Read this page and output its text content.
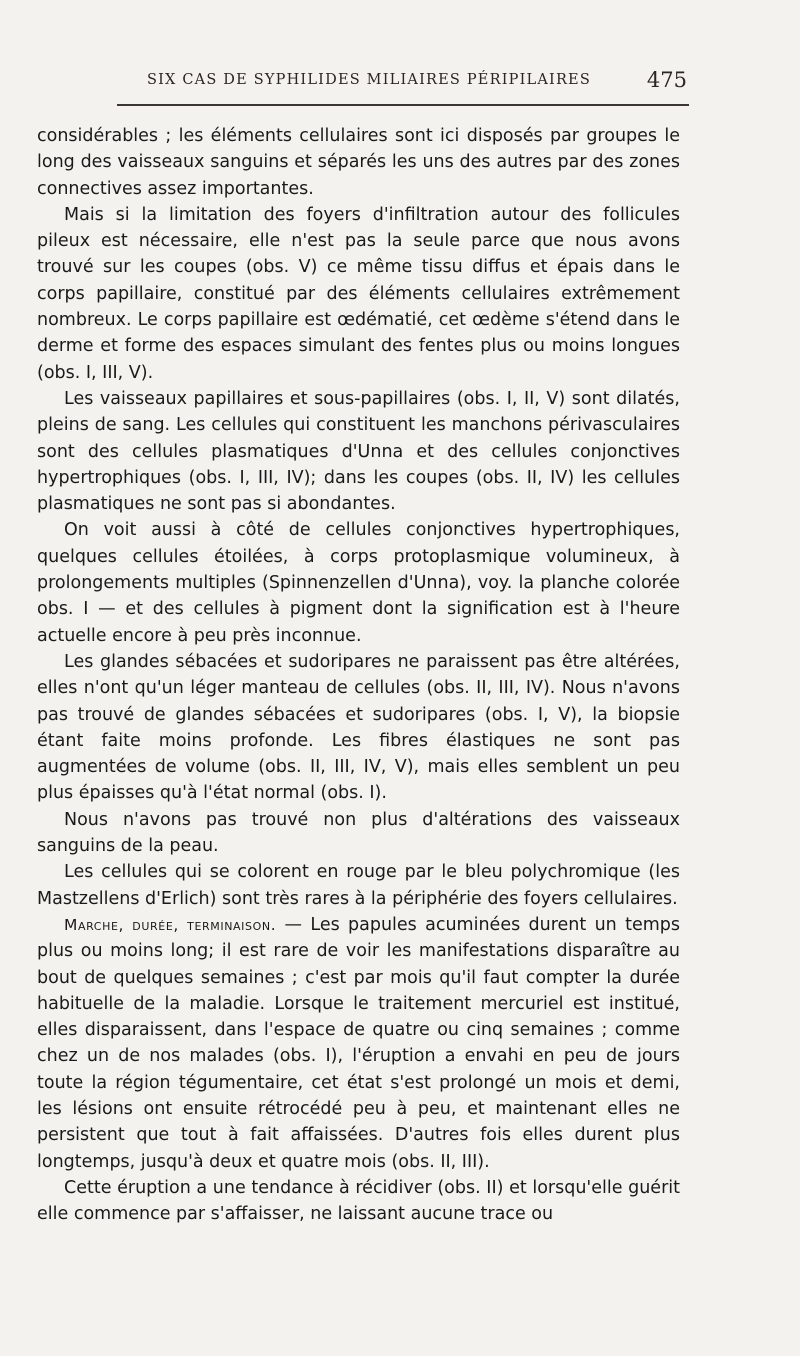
SIX CAS DE SYPHILIDES MILIAIRES PÉRIPILAIRES	475

considérables ; les éléments cellulaires sont ici disposés par groupes le long des vaisseaux sanguins et séparés les uns des autres par des zones connectives assez importantes.

Mais si la limitation des foyers d'infiltration autour des follicules pileux est nécessaire, elle n'est pas la seule parce que nous avons trouvé sur les coupes (obs. V) ce même tissu diffus et épais dans le corps papillaire, constitué par des éléments cellulaires extrêmement nombreux. Le corps papillaire est œdématié, cet œdème s'étend dans le derme et forme des espaces simulant des fentes plus ou moins longues (obs. I, III, V).

Les vaisseaux papillaires et sous-papillaires (obs. I, II, V) sont dilatés, pleins de sang. Les cellules qui constituent les manchons périvasculaires sont des cellules plasmatiques d'Unna et des cellules conjonctives hypertrophiques (obs. I, III, IV); dans les coupes (obs. II, IV) les cellules plasmatiques ne sont pas si abondantes.

On voit aussi à côté de cellules conjonctives hypertrophiques, quelques cellules étoilées, à corps protoplasmique volumineux, à prolongements multiples (Spinnenzellen d'Unna), voy. la planche colorée obs. I — et des cellules à pigment dont la signification est à l'heure actuelle encore à peu près inconnue.

Les glandes sébacées et sudoripares ne paraissent pas être altérées, elles n'ont qu'un léger manteau de cellules (obs. II, III, IV). Nous n'avons pas trouvé de glandes sébacées et sudoripares (obs. I, V), la biopsie étant faite moins profonde. Les fibres élastiques ne sont pas augmentées de volume (obs. II, III, IV, V), mais elles semblent un peu plus épaisses qu'à l'état normal (obs. I).

Nous n'avons pas trouvé non plus d'altérations des vaisseaux sanguins de la peau.

Les cellules qui se colorent en rouge par le bleu polychromique (les Mastzellens d'Erlich) sont très rares à la périphérie des foyers cellulaires.

Marche, durée, terminaison. — Les papules acuminées durent un temps plus ou moins long; il est rare de voir les manifestations disparaître au bout de quelques semaines ; c'est par mois qu'il faut compter la durée habituelle de la maladie. Lorsque le traitement mercuriel est institué, elles disparaissent, dans l'espace de quatre ou cinq semaines ; comme chez un de nos malades (obs. I), l'éruption a envahi en peu de jours toute la région tégumentaire, cet état s'est prolongé un mois et demi, les lésions ont ensuite rétrocédé peu à peu, et maintenant elles ne persistent que tout à fait affaissées. D'autres fois elles durent plus longtemps, jusqu'à deux et quatre mois (obs. II, III).

Cette éruption a une tendance à récidiver (obs. II) et lorsqu'elle guérit elle commence par s'affaisser, ne laissant aucune trace ou
